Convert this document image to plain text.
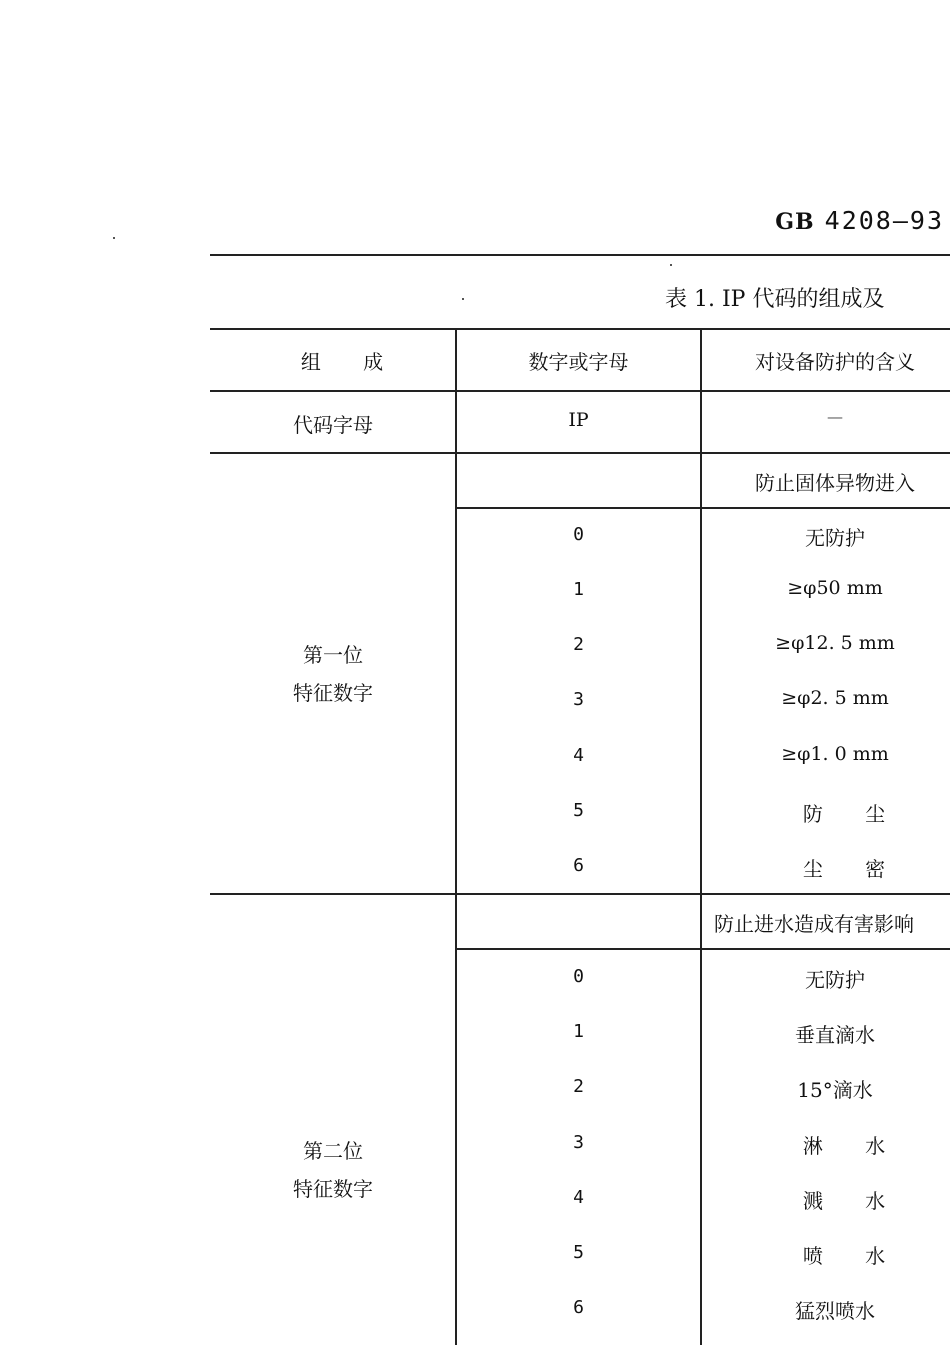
GB 4208—93
表 1. IP 代码的组成及
组 成	数字或字母	对设备防护的含义
代码字母	IP	—
第一位
特征数字
防止固体异物进入
0	无防护
1	≥φ50 mm
2	≥φ12. 5 mm
3	≥φ2. 5 mm
4	≥φ1. 0 mm
5	防 尘
6	尘 密
第二位
特征数字
防止进水造成有害影响
0	无防护
1	垂直滴水
2	15°滴水
3	淋 水
4	溅 水
5	喷 水
6	猛烈喷水
